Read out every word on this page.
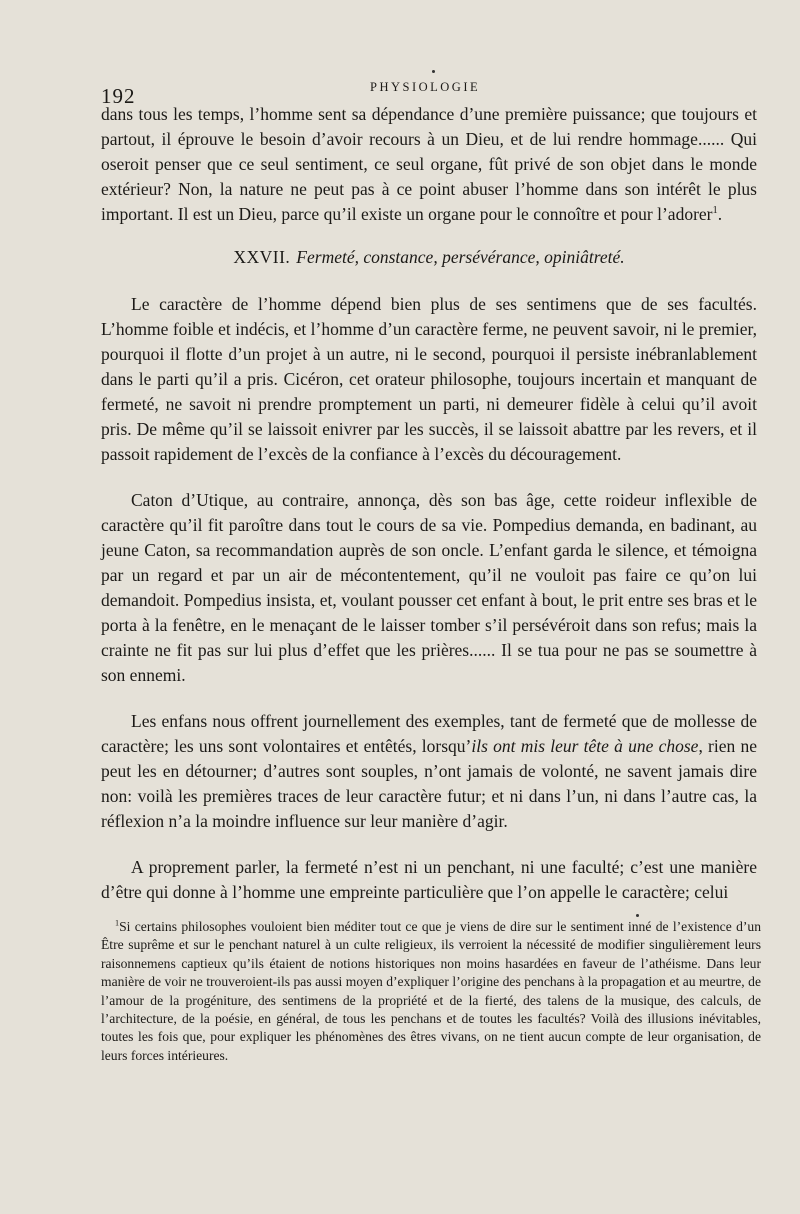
192	PHYSIOLOGIE

dans tous les temps, l’homme sent sa dépendance d’une première puissance; que toujours et partout, il éprouve le besoin d’avoir recours à un Dieu, et de lui rendre hommage...... Qui oseroit penser que ce seul sentiment, ce seul organe, fût privé de son objet dans le monde extérieur? Non, la nature ne peut pas à ce point abuser l’homme dans son intérêt le plus important. Il est un Dieu, parce qu’il existe un organe pour le connoître et pour l’adorer$^1$.

XXVII. Fermeté, constance, persévérance, opiniâtreté.

Le caractère de l’homme dépend bien plus de ses sentimens que de ses facultés. L’homme foible et indécis, et l’homme d’un caractère ferme, ne peuvent savoir, ni le premier, pourquoi il flotte d’un projet à un autre, ni le second, pourquoi il persiste inébranlablement dans le parti qu’il a pris. Cicéron, cet orateur philosophe, toujours incertain et manquant de fermeté, ne savoit ni prendre promptement un parti, ni demeurer fidèle à celui qu’il avoit pris. De même qu’il se laissoit enivrer par les succès, il se laissoit abattre par les revers, et il passoit rapidement de l’excès de la confiance à l’excès du découragement.

Caton d’Utique, au contraire, annonça, dès son bas âge, cette roideur inflexible de caractère qu’il fit paroître dans tout le cours de sa vie. Pompedius demanda, en badinant, au jeune Caton, sa recommandation auprès de son oncle. L’enfant garda le silence, et témoigna par un regard et par un air de mécontentement, qu’il ne vouloit pas faire ce qu’on lui demandoit. Pompedius insista, et, voulant pousser cet enfant à bout, le prit entre ses bras et le porta à la fenêtre, en le menaçant de le laisser tomber s’il persévéroit dans son refus; mais la crainte ne fit pas sur lui plus d’effet que les prières...... Il se tua pour ne pas se soumettre à son ennemi.

Les enfans nous offrent journellement des exemples, tant de fermeté que de mollesse de caractère; les uns sont volontaires et entêtés, lorsqu’ils ont mis leur tête à une chose, rien ne peut les en détourner; d’autres sont souples, n’ont jamais de volonté, ne savent jamais dire non: voilà les premières traces de leur caractère futur; et ni dans l’un, ni dans l’autre cas, la réflexion n’a la moindre influence sur leur manière d’agir.

A proprement parler, la fermeté n’est ni un penchant, ni une faculté; c’est une manière d’être qui donne à l’homme une empreinte particulière que l’on appelle le caractère; celui

$^1$Si certains philosophes vouloient bien méditer tout ce que je viens de dire sur le sentiment inné de l’existence d’un Être suprême et sur le penchant naturel à un culte religieux, ils verroient la nécessité de modifier singulièrement leurs raisonnemens captieux qu’ils étaient de notions historiques non moins hasardées en faveur de l’athéisme. Dans leur manière de voir ne trouveroient-ils pas aussi moyen d’expliquer l’origine des penchans à la propagation et au meurtre, de l’amour de la progéniture, des sentimens de la propriété et de la fierté, des talens de la musique, des calculs, de l’architecture, de la poésie, en général, de tous les penchans et de toutes les facultés? Voilà des illusions inévitables, toutes les fois que, pour expliquer les phénomènes des êtres vivans, on ne tient aucun compte de leur organisation, de leurs forces intérieures.
